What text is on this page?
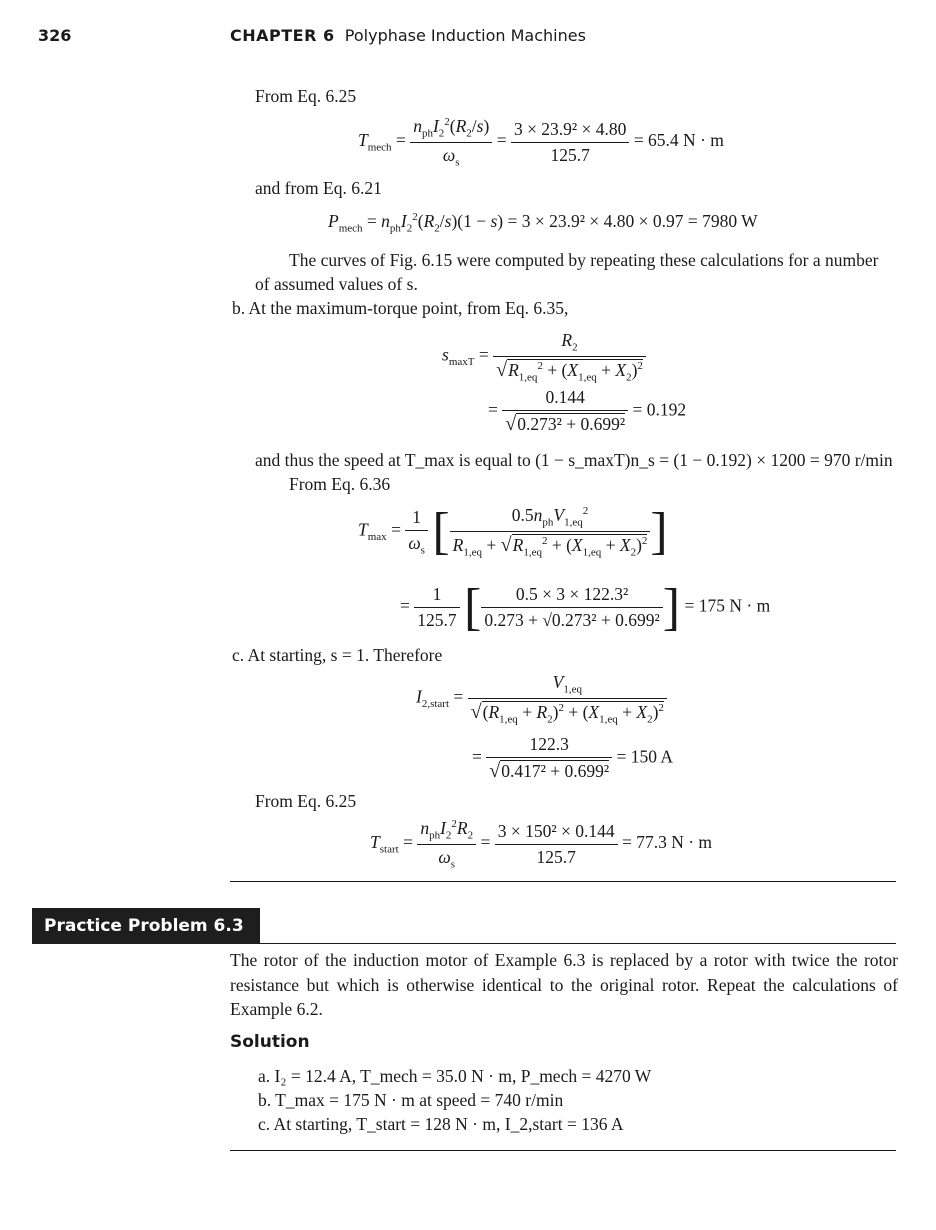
326	CHAPTER 6 Polyphase Induction Machines
From Eq. 6.25
$T_{mech} = \frac{n_{ph}I_2^2(R_2/s)}{\omega_s} = \frac{\text{3 × 23.9² × 4.80}}{125.7} = 65.4$ N · m
and from Eq. 6.21
$P_{mech} = n_{ph}I_2^2(R_2/s)(1 - s) = 3 \times 23.9^2 \times 4.80 \times 0.97 = 7980$ W
The curves of Fig. 6.15 were computed by repeating these calculations for a number of assumed values of s.
b. At the maximum-torque point, from Eq. 6.35,
$s_{maxT} = \frac{R_2}{√R_{1,eq}^2 + (X_{1,eq} + X_2)^2}$
= $\frac{0.144}{\text{√0.273² + 0.699²}} = 0.192$
and thus the speed at T_max is equal to (1 − s_maxT)n_s = (1 − 0.192) × 1200 = 970 r/min
From Eq. 6.36
$T_{max} = \frac{1}{\omega_s}$ [ $\frac{0.5n_{ph}V_{1,eq}^2}{R_{1,eq} + √R_{1,eq}^2 + (X_{1,eq} + X_2)^2}$ ]
= $\frac{1}{125.7}$ [ $\frac{\text{0.5 × 3 × 122.3²}}{\text{0.273 + √0.273² + 0.699²}}$ ] = 175 N · m
c. At starting, s = 1. Therefore
$I_{2,start} = \frac{V_{1,eq}}{√(R_{1,eq} + R_2)^2 + (X_{1,eq} + X_2)^2}$
= $\frac{122.3}{\text{√0.417² + 0.699²}} = 150$ A
From Eq. 6.25
$T_{start} = \frac{n_{ph}I_2^2R_2}{\omega_s} = \frac{\text{3 × 150² × 0.144}}{125.7} = 77.3$ N · m
Practice Problem 6.3
The rotor of the induction motor of Example 6.3 is replaced by a rotor with twice the rotor resistance but which is otherwise identical to the original rotor. Repeat the calculations of Example 6.2.
Solution
a. I₂ = 12.4 A, T_mech = 35.0 N · m, P_mech = 4270 W
b. T_max = 175 N · m at speed = 740 r/min
c. At starting, T_start = 128 N · m, I_2,start = 136 A
